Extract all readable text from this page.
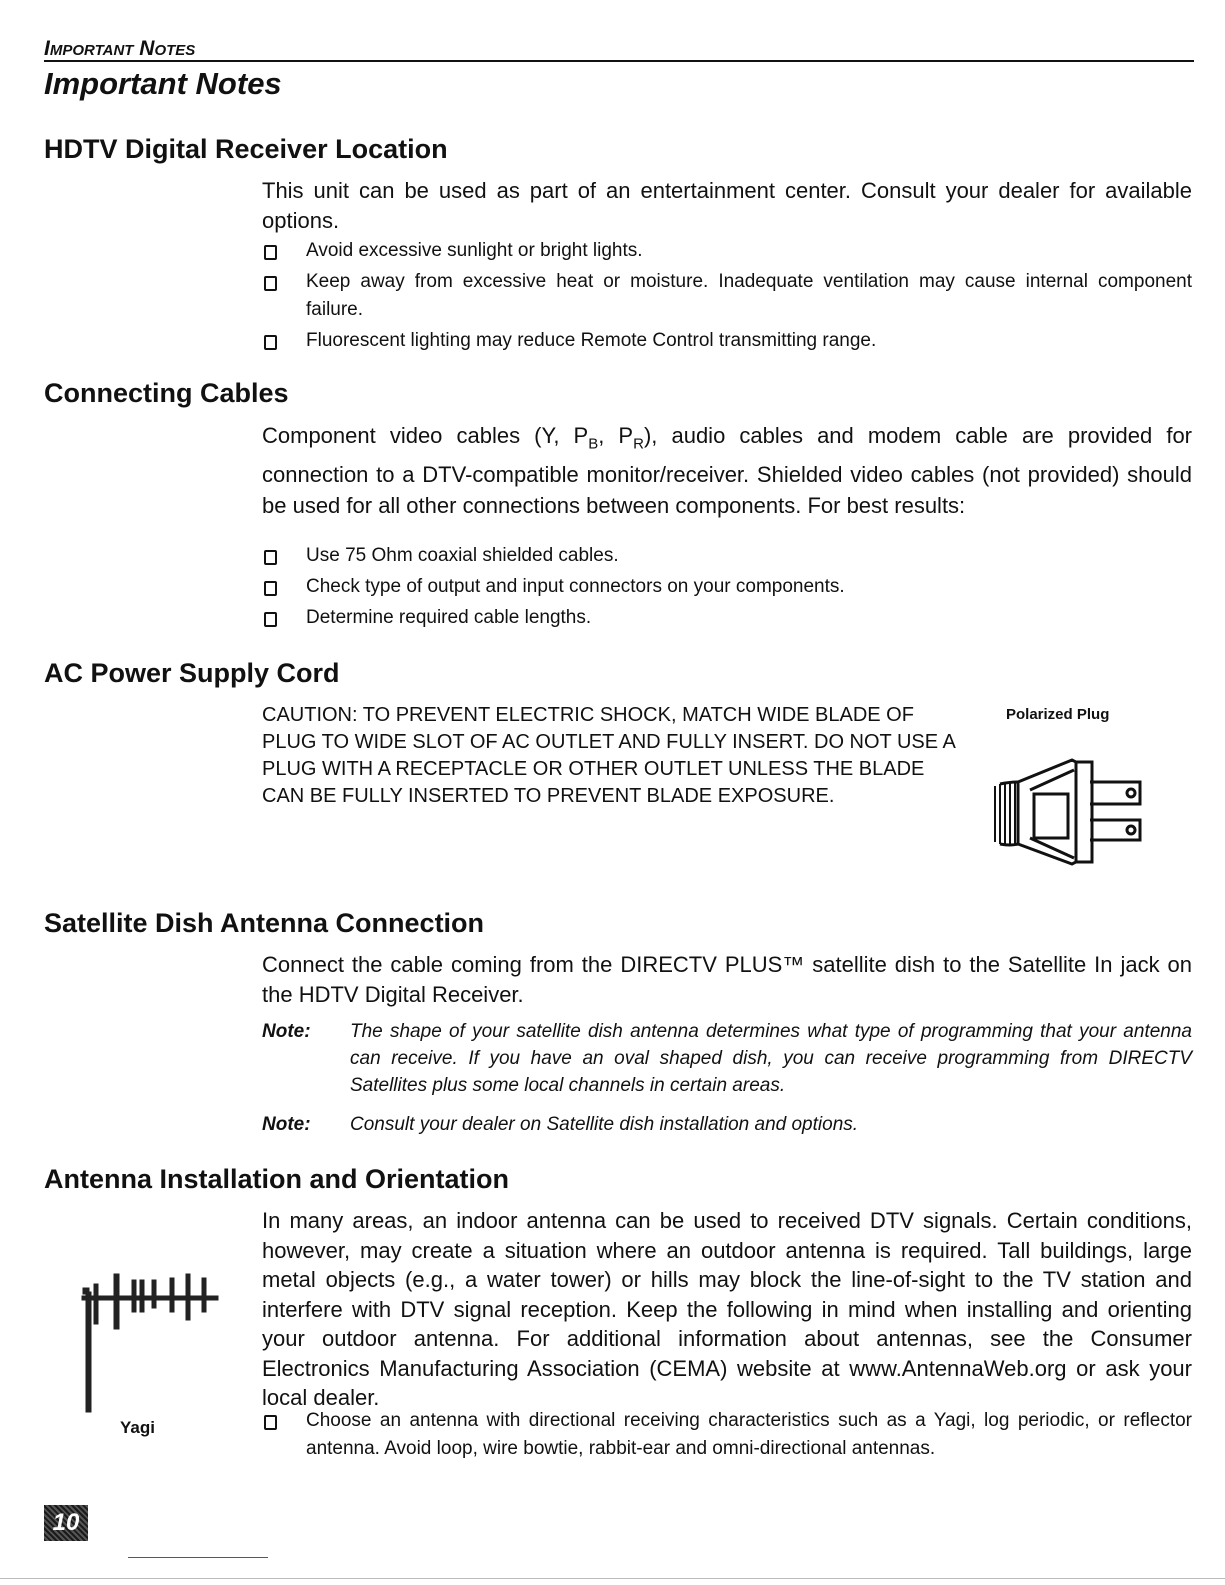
Important Notes
Important Notes
HDTV Digital Receiver Location

This unit can be used as part of an entertainment center. Consult your dealer for available options.

Avoid excessive sunlight or bright lights.
Keep away from excessive heat or moisture. Inadequate ventilation may cause internal component failure.
Fluorescent lighting may reduce Remote Control transmitting range.
Connecting Cables

Component video cables (Y, $P_B$, $P_R$), audio cables and modem cable are provided for connection to a DTV-compatible monitor/receiver. Shielded video cables (not provided) should be used for all other connections between components. For best results:

Use 75 Ohm coaxial shielded cables.
Check type of output and input connectors on your components.
Determine required cable lengths.
AC Power Supply Cord

CAUTION: TO PREVENT ELECTRIC SHOCK, MATCH WIDE BLADE OF PLUG TO WIDE SLOT OF AC OUTLET AND FULLY INSERT. DO NOT USE A PLUG WITH A RECEPTACLE OR OTHER OUTLET UNLESS THE BLADE CAN BE FULLY INSERTED TO PREVENT BLADE EXPOSURE.

Polarized Plug
Satellite Dish Antenna Connection

Connect the cable coming from the DIRECTV PLUS™ satellite dish to the Satellite In jack on the HDTV Digital Receiver.

Note: The shape of your satellite dish antenna determines what type of programming that your antenna can receive. If you have an oval shaped dish, you can receive programming from DIRECTV Satellites plus some local channels in certain areas.
Note: Consult your dealer on Satellite dish installation and options.
Antenna Installation and Orientation

In many areas, an indoor antenna can be used to received DTV signals. Certain conditions, however, may create a situation where an outdoor antenna is required. Tall buildings, large metal objects (e.g., a water tower) or hills may block the line-of-sight to the TV station and interfere with DTV signal reception. Keep the following in mind when installing and orienting your outdoor antenna. For additional information about antennas, see the Consumer Electronics Manufacturing Association (CEMA) website at www.AntennaWeb.org or ask your local dealer.

Choose an antenna with directional receiving characteristics such as a Yagi, log periodic, or reflector antenna. Avoid loop, wire bowtie, rabbit-ear and omni-directional antennas.
Yagi
10
